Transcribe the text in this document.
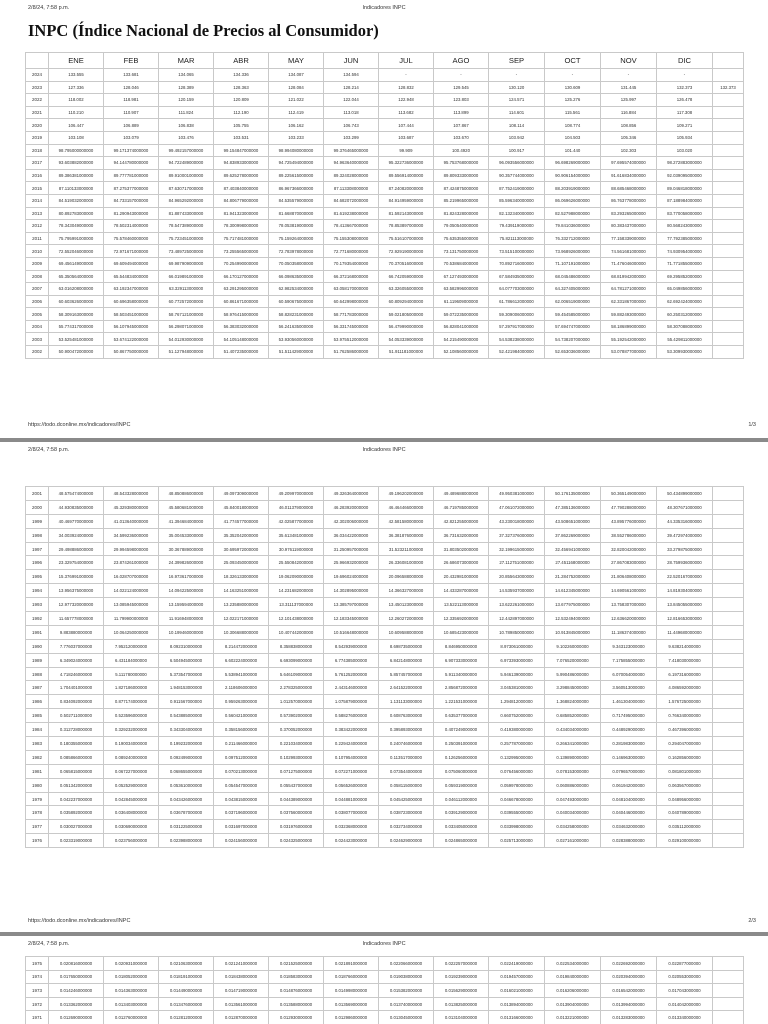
2/8/24, 7:58 p.m.	Indicadores INPC
INPC (Índice Nacional de Precios al Consumidor)
	ENE	FEB	MAR	ABR	MAY	JUN	JUL	AGO	SEP	OCT	NOV	DIC	
2024	133.555	133.681	134.065	134.336	134.087	134.594	-	-	-	-	-	-	
2023	127.336	128.046	128.389	128.363	128.084	128.214	128.832	129.545	130.120	130.609	131.445	132.373	132.373
2022	118.002	118.981	120.159	120.809	121.022	122.044	122.948	123.803	124.571	125.276	125.997	126.478	
2021	110.210	110.907	111.824	112.190	112.419	113.018	113.682	113.899	114.601	115.561	116.884	117.308	
2020	106.447	106.889	106.838	105.755	106.162	106.743	107.444	107.867	108.114	108.774	108.856	109.271	
2019	103.108	103.079	103.476	103.531	103.233	103.299	103.687	103.670	103.942	104.503	105.346	105.934	
2018	98.795000000000	99.171374000000	99.492157000000	99.154847000000	98.994080000000	99.376465000000	99.909	100.4920	100.917	101.440	102.303	103.020	
2017	93.603882000000	94.144780000000	94.722489000000	94.838933000000	94.725494000000	94.963640000000	95.322736000000	95.753768000000	96.093556000000	96.698269000000	97.695574000000	98.272883000000	
2016	89.386381000000	89.777781000000	89.910001000000	89.625278000000	89.225615000000	89.324028000000	89.556914000000	89.809333000000	90.357744000000	90.906154000000	91.616834000000	92.039095000000	
2015	87.110133000000	87.275377000000	87.630717000000	87.403840000000	86.967366000000	87.113308000000	87.240820000000	87.424875000000	87.752419000000	88.203919000000	88.685468000000	89.046818000000	
2014	84.519032000000	84.733157000000	84.965292000000	84.806779000000	84.535579000000	84.682072000000	84.914959000000	85.219965000000	85.596340000000	86.069626000000	86.763778000000	87.188984000000	
2013	80.892783000000	81.290943000000	81.887433000000	81.941323000000	81.668870000000	81.619238000000	81.592143000000	81.824328000000	82.132340000000	82.527988000000	83.293265000000	83.770058000000	
2012	78.343049000000	78.502314000000	78.547389000000	78.300998000000	78.053819000000	78.413667000000	78.853897000000	79.050540000000	79.439119000000	79.841036000000	80.383437000000	80.568243000000	
2011	75.795991000000	75.578460000000	75.723451000000	75.717481000000	75.159264000000	75.155308000000	75.516107000000	75.635355000000	75.821113000000	76.332712000000	77.158339000000	77.792385000000	
2010	72.552046000000	72.971671000000	73.489725000000	73.255565000000	72.783978000000	72.771680000000	72.929190000000	73.131750000000	73.515100000000	73.968926000000	74.561681000000	74.930954000000	
2009	69.456149000000	69.609494000000	69.987909000000	70.254990000000	70.050358000000	70.179354000000	70.370516000000	70.538684000000	70.892716000000	71.107191000000	71.476046000000	71.771855000000	
2008	65.350564000000	65.544834000000	66.019891000000	66.170127000000	66.098635000000	66.372168000000	66.742059000000	67.127493000000	67.584935000000	68.045486000000	68.819942000000	69.295852000000	
2007	63.016208000000	63.192347000000	63.329113000000	63.291295000000	62.982534000000	63.058170000000	63.326055000000	63.582996000000	64.077703000000	64.327405000000	64.781271000000	65.049856000000	
2006	60.603626000000	60.696358000000	60.772572000000	60.861671000000	60.590675000000	60.642998000000	60.809294000000	61.119609000000	61.786612000000	62.006519000000	62.331867000000	62.692424000000	
2005	58.309163000000	58.503451000000	58.767121000000	58.976415000000	58.828231000000	58.771783000000	59.021805000000	59.072235000000	59.309006000000	59.454585000000	59.882493000000	60.250312000000	
2004	55.774317000000	56.107945000000	56.298071000000	56.383032000000	56.241635000000	56.331745000000	56.479990000000	56.828041000000	57.297917000000	57.694747000000	58.186899000000	58.307088000000	
2003	53.525481000000	53.674122000000	54.012930000000	54.105148000000	53.930560000000	53.975512000000	54.053339000000	54.215490000000	54.538238000000	54.738207000000	55.192542000000	55.429811000000	
2002	50.900472000000	50.867750000000	51.127948000000	51.407235000000	51.511429000000	51.762586000000	51.911181000000	52.108560000000	52.421984000000	52.653036000000	53.078877000000	53.309930000000	
https://todo.dconline.mx/indicadores/INPC	1/3
2/8/24, 7:58 p.m.	Indicadores INPC
2001	48.575474000000	48.543328000000	48.850886000000	49.097309000000	49.209970000000	49.326364000000	49.196202000000	49.489688000000	49.950381000000	50.176135000000	50.365149000000	50.434899000000	
2000	44.930835000000	45.329380000000	45.580681000000	45.840018000000	46.011379000000	46.283920000000	46.464466000000	46.719785000000	47.061072000000	47.385136000000	47.790288000000	48.307671000000	
1999	40.469770000000	41.013640000000	41.394684000000	41.774577000000	42.025877000000	42.302006000000	42.581580000000	42.821255000000	43.230018000000	43.508651000000	43.895776000000	44.335316000000	
1998	34.003924000000	34.599236000000	35.004533000000	35.352042000000	35.613481000000	36.034422000000	36.381876000000	36.731632000000	37.327376000000	37.862269000000	38.552786000000	39.472974000000	
1997	29.498886000000	29.994598000000	30.367889000000	30.695972000000	30.976119000000	31.250957000000	31.523211000000	31.803502000000	32.199615000000	32.456941000000	32.820042000000	33.279875000000	
1996	23.329754000000	23.874261000000	24.399826000000	25.093450000000	25.550842000000	25.966932000000	26.336081000000	26.686073000000	27.112751000000	27.451168000000	27.867083000000	28.759936000000	
1995	15.376991000000	16.028707000000	16.973617000000	18.326133000000	19.062090000000	19.696024000000	20.096588000000	20.432981000000	20.855643000000	21.284752000000	21.806408000000	22.520167000000	
1994	13.956375000000	14.022124000000	14.094225000000	14.163251000000	14.231682000000	14.302895000000	14.366327000000	14.433287000000	14.535937000000	14.612345000000	14.690561000000	14.819304000000	
1993	12.977320000000	13.085945000000	13.159594000000	13.235880000000	13.311137000000	13.385797000000	13.450123000000	13.522113000000	13.622261000000	13.677975000000	13.758307000000	13.845055000000	
1992	11.657778000000	11.799900000000	11.916948000000	12.022171000000	12.101438000000	12.183345000000	12.260272000000	12.335692000000	12.442897000000	12.532494000000	12.636620000000	12.816653000000	
1991	9.883880000000	10.064250000000	10.199460000000	10.306688000000	10.407442000000	10.516648000000	10.609588000000	10.685423000000	10.789850000000	10.913845000000	11.186374000000	11.449680000000	
1990	7.776037000000	7.952120000000	8.092310000000	8.214472000000	8.358838000000	8.542939000000	8.698735000000	8.846950000000	8.973061000000	9.102260000000	9.343123000000	9.638214000000	
1989	6.349024000000	6.431184000000	6.504945000000	6.602224000000	6.693099000000	6.774385000000	6.842148000000	6.907333000000	6.973393000000	7.076520000000	7.175855000000	7.418030000000	
1988	4.718246000000	5.111780000000	5.373547000000	5.538941000000	5.646109000000	5.761252000000	5.857457000000	5.911340000000	5.946139000000	5.990486000000	6.070054000000	6.197316000000	
1987	1.704401000000	1.827186000000	1.948153000000	2.118606000000	2.278325000000	2.443146000000	2.641522000000	2.856872000000	3.045381000000	3.298845000000	3.560513000000	4.086592000000	
1986	0.834092000000	0.877174000000	0.911567000000	0.959263000000	1.012570000000	1.075879000000	1.131133000000	1.221531000000	1.294812000000	1.368824000000	1.461304000000	1.576725000000	
1985	0.502711000000	0.523596000000	0.543885000000	0.560421000000	0.573902000000	0.588276000000	0.608763000000	0.635377000000	0.660752000000	0.685852000000	0.717495000000	0.766340000000	
1984	0.312728000000	0.329232000000	0.343304000000	0.358156000000	0.370052000000	0.383422000000	0.395893000000	0.407249000000	0.419380000000	0.434034000000	0.448929000000	0.467396000000	
1983	0.180355000000	0.190034000000	0.199232000000	0.211466000000	0.221034000000	0.229424000000	0.240746000000	0.250391000000	0.257787000000	0.266341000000	0.281983000000	0.294047000000	
1982	0.085866000000	0.089240000000	0.092499000000	0.097512000000	0.102993000000	0.107954000000	0.113517000000	0.126256000000	0.132995000000	0.139890000000	0.146963000000	0.162856000000	
1981	0.065815000000	0.067227000000	0.068655000000	0.070213000000	0.071275000000	0.072271000000	0.073544000000	0.075060000000	0.076456000000	0.078153000000	0.079657000000	0.081801000000	
1980	0.051342000000	0.052529000000	0.053610000000	0.054547000000	0.055437000000	0.056526000000	0.058115000000	0.059319000000	0.059978000000	0.060886000000	0.061942000000	0.063567000000	
1979	0.042237000000	0.042845000000	0.043426000000	0.043815000000	0.044389000000	0.044881000000	0.045425000000	0.046112000000	0.046678000000	0.047493000000	0.048104000000	0.048956000000	
1978	0.035892000000	0.036408000000	0.036787000000	0.037196000000	0.037560000000	0.038077000000	0.038723000000	0.039129000000	0.039555000000	0.040034000000	0.040446000000	0.040789000000	
1977	0.030027000000	0.030690000000	0.031225000000	0.031697000000	0.031976000000	0.032368000000	0.032734000000	0.033405000000	0.033998000000	0.034258000000	0.034632000000	0.035112000000	
1976	0.023319000000	0.023756000000	0.023988000000	0.024156000000	0.024325000000	0.024423000000	0.024629000000	0.024865000000	0.025713000000	0.027161000000	0.028388000000	0.029100000000	
https://todo.dconline.mx/indicadores/INPC	2/3
2/8/24, 7:58 p.m.	Indicadores INPC
1975	0.020816000000	0.020931000000	0.021063000000	0.021241000000	0.021525000000	0.021891000000	0.022066000000	0.022257000000	0.022419000000	0.022534000000	0.022692000000	0.022877000000	
1974	0.017650000000	0.018052000000	0.018191000000	0.018438000000	0.018583000000	0.018766000000	0.019038000000	0.019239000000	0.019457000000	0.019840000000	0.020394000000	0.020553000000	
1973	0.014246000000	0.014363000000	0.014490000000	0.014719000000	0.014876000000	0.014998000000	0.015382000000	0.015629000000	0.016021000000	0.016206000000	0.016542000000	0.017043000000	
1972	0.013362000000	0.013403000000	0.013476000000	0.013561000000	0.013588000000	0.013569000000	0.013740000000	0.013825000000	0.013894000000	0.013904000000	0.013994000000	0.014042000000	
1971	0.012690000000	0.012760000000	0.012812000000	0.012870000000	0.012930000000	0.012986000000	0.013045000000	0.013104000000	0.013166000000	0.013221000000	0.013283000000	0.013340000000	
